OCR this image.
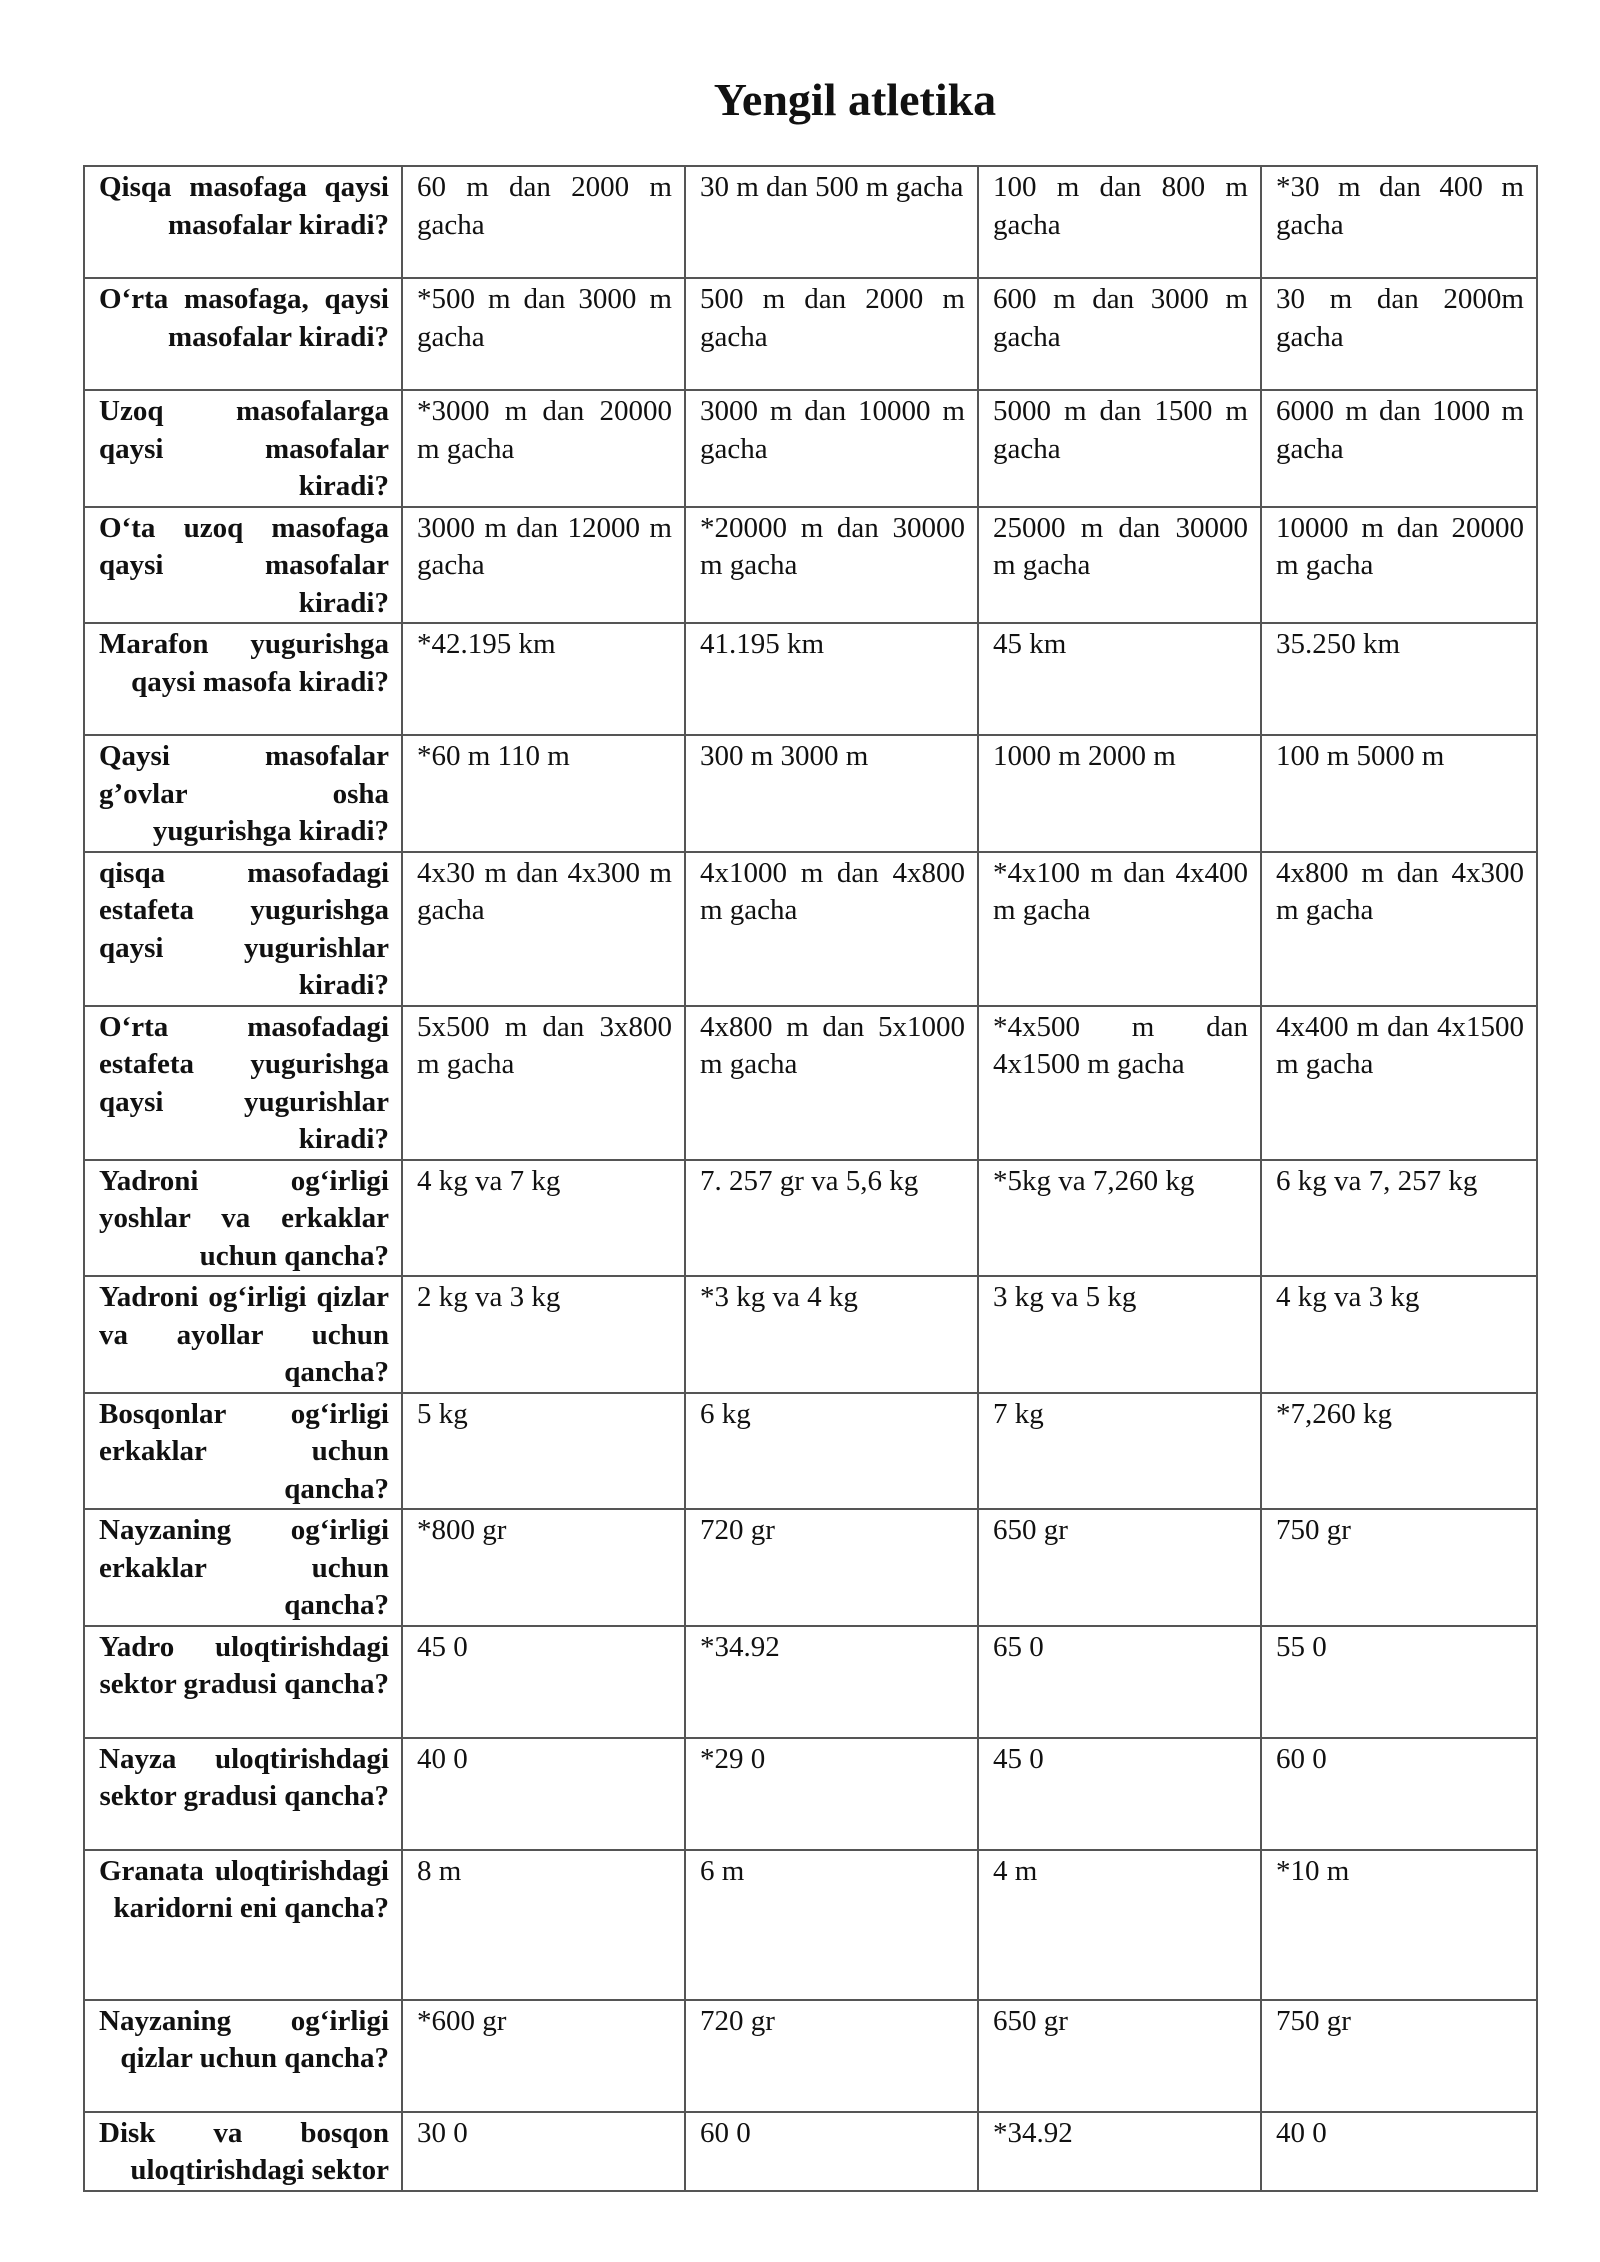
Yengil atletika
Qisqa masofaga qaysi masofalar kiradi?	60 m dan 2000 m gacha	30 m dan 500 m gacha	100 m dan 800 m gacha	*30 m dan 400 m gacha
O‘rta masofaga, qaysi masofalar kiradi?	*500 m dan 3000 m gacha	500 m dan 2000 m gacha	600 m dan 3000 m gacha	30 m dan 2000m gacha
Uzoq masofalarga qaysi masofalar kiradi?	*3000 m dan 20000 m gacha	3000 m dan 10000 m gacha	5000 m dan 1500 m gacha	6000 m dan 1000 m gacha
O‘ta uzoq masofaga qaysi masofalar kiradi?	3000 m dan 12000 m gacha	*20000 m dan 30000 m gacha	25000 m dan 30000 m gacha	10000 m dan 20000 m gacha
Marafon yugurishga qaysi masofa kiradi?	*42.195 km	41.195 km	45 km	35.250 km
Qaysi masofalar g’ovlar osha yugurishga kiradi?	*60 m 110 m	300 m 3000 m	1000 m 2000 m	100 m 5000 m
qisqa masofadagi estafeta yugurishga qaysi yugurishlar kiradi?	4x30 m dan 4x300 m gacha	4x1000 m dan 4x800 m gacha	*4x100 m dan 4x400 m gacha	4x800 m dan 4x300 m gacha
O‘rta masofadagi estafeta yugurishga qaysi yugurishlar kiradi?	5x500 m dan 3x800 m gacha	4x800 m dan 5x1000 m gacha	*4x500 m dan 4x1500 m gacha	4x400 m dan 4x1500 m gacha
Yadroni og‘irligi yoshlar va erkaklar uchun qancha?	4 kg va 7 kg	7. 257 gr va 5,6 kg	*5kg va 7,260 kg	6 kg va 7, 257 kg
Yadroni og‘irligi qizlar va ayollar uchun qancha?	2 kg va 3 kg	*3 kg va 4 kg	3 kg va 5 kg	4 kg va 3 kg
Bosqonlar og‘irligi erkaklar uchun qancha?	5 kg	6 kg	7 kg	*7,260 kg
Nayzaning og‘irligi erkaklar uchun qancha?	*800 gr	720 gr	650 gr	750 gr
Yadro uloqtirishdagi sektor gradusi qancha?	45 0	*34.92	65 0	55 0
Nayza uloqtirishdagi sektor gradusi qancha?	40 0	*29 0	45 0	60 0
Granata uloqtirishdagi karidorni eni qancha?	8 m	6 m	4 m	*10 m
Nayzaning og‘irligi qizlar uchun qancha?	*600 gr	720 gr	650 gr	750 gr
Disk va bosqon uloqtirishdagi sektor	30 0	60 0	*34.92	40 0
